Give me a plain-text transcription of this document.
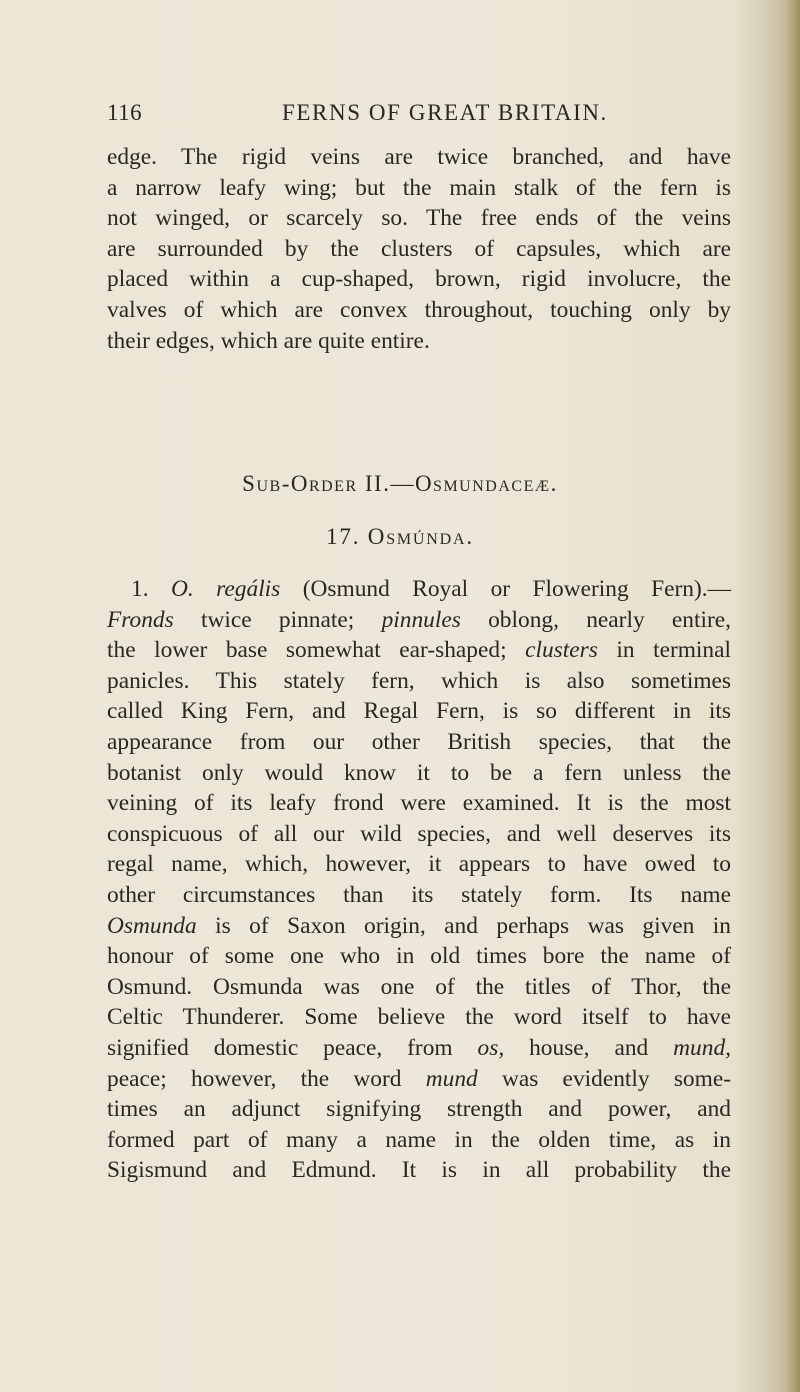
116	FERNS OF GREAT BRITAIN.
edge. The rigid veins are twice branched, and have
a narrow leafy wing; but the main stalk of the fern is
not winged, or scarcely so. The free ends of the veins
are surrounded by the clusters of capsules, which are
placed within a cup-shaped, brown, rigid involucre, the
valves of which are convex throughout, touching only by
their edges, which are quite entire.
Sub-Order II.—Osmundaceæ.
17. Osmúnda.
1. O. regális (Osmund Royal or Flowering Fern).—
Fronds twice pinnate; pinnules oblong, nearly entire,
the lower base somewhat ear-shaped; clusters in terminal
panicles. This stately fern, which is also sometimes
called King Fern, and Regal Fern, is so different in its
appearance from our other British species, that the
botanist only would know it to be a fern unless the
veining of its leafy frond were examined. It is the most
conspicuous of all our wild species, and well deserves its
regal name, which, however, it appears to have owed to
other circumstances than its stately form. Its name
Osmunda is of Saxon origin, and perhaps was given in
honour of some one who in old times bore the name of
Osmund. Osmunda was one of the titles of Thor, the
Celtic Thunderer. Some believe the word itself to have
signified domestic peace, from os, house, and mund,
peace; however, the word mund was evidently some-
times an adjunct signifying strength and power, and
formed part of many a name in the olden time, as in
Sigismund and Edmund. It is in all probability the
